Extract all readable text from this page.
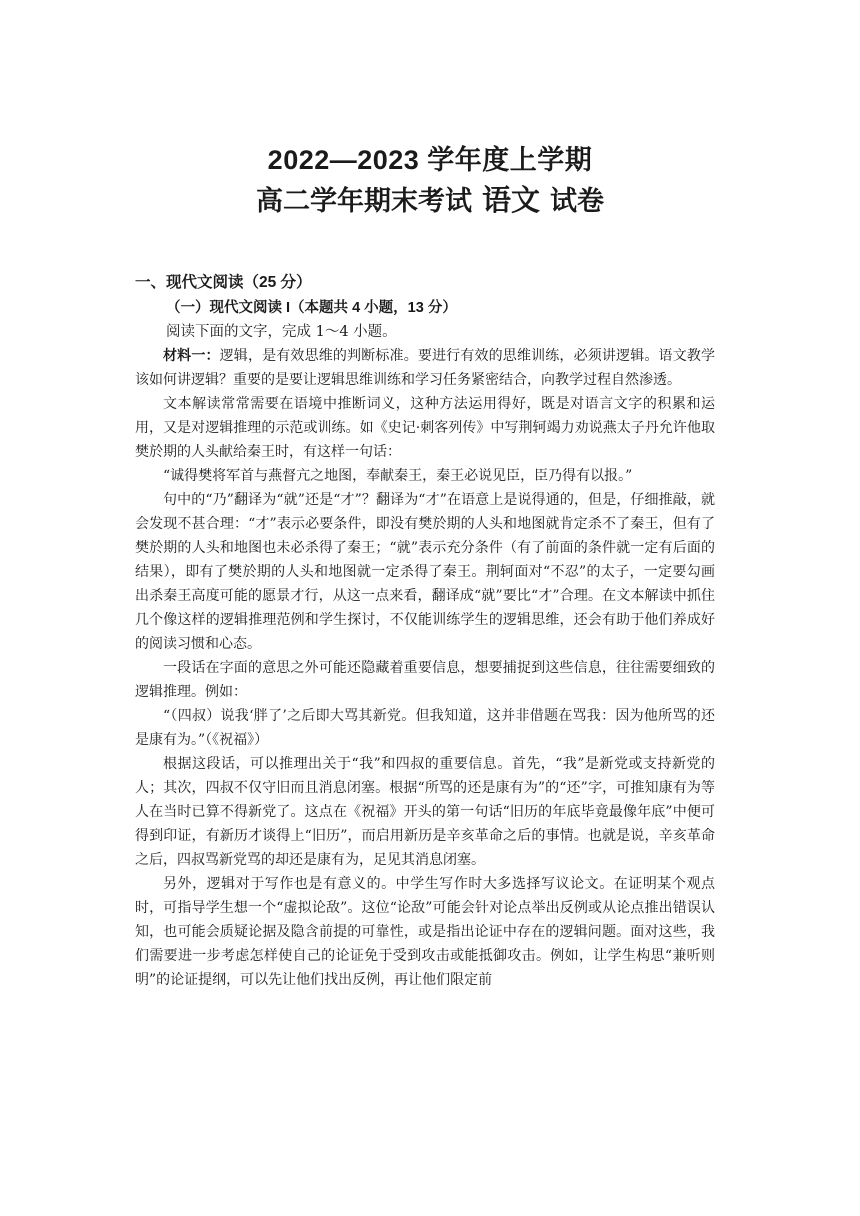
2022—2023 学年度上学期
高二学年期末考试 语文 试卷
一、现代文阅读（25 分）
（一）现代文阅读 I（本题共 4 小题，13 分）
阅读下面的文字，完成 1～4 小题。

材料一：逻辑，是有效思维的判断标准。要进行有效的思维训练，必须讲逻辑。语文教学该如何讲逻辑？重要的是要让逻辑思维训练和学习任务紧密结合，向教学过程自然渗透。

文本解读常常需要在语境中推断词义，这种方法运用得好，既是对语言文字的积累和运用，又是对逻辑推理的示范或训练。如《史记·刺客列传》中写荆轲竭力劝说燕太子丹允许他取樊於期的人头献给秦王时，有这样一句话：

“诚得樊将军首与燕督亢之地图，奉献秦王，秦王必说见臣，臣乃得有以报。”

句中的“乃”翻译为“就”还是“才”？翻译为“才”在语意上是说得通的，但是，仔细推敲，就会发现不甚合理：“才”表示必要条件，即没有樊於期的人头和地图就肯定杀不了秦王，但有了樊於期的人头和地图也未必杀得了秦王；“就”表示充分条件（有了前面的条件就一定有后面的结果），即有了樊於期的人头和地图就一定杀得了秦王。荆轲面对“不忍”的太子，一定要勾画出杀秦王高度可能的愿景才行，从这一点来看，翻译成“就”要比“才”合理。在文本解读中抓住几个像这样的逻辑推理范例和学生探讨，不仅能训练学生的逻辑思维，还会有助于他们养成好的阅读习惯和心态。

一段话在字面的意思之外可能还隐藏着重要信息，想要捕捉到这些信息，往往需要细致的逻辑推理。例如：

“（四叔）说我‘胖了’之后即大骂其新党。但我知道，这并非借题在骂我：因为他所骂的还是康有为。”（《祝福》）

根据这段话，可以推理出关于“我”和四叔的重要信息。首先，“我”是新党或支持新党的人；其次，四叔不仅守旧而且消息闭塞。根据“所骂的还是康有为”的“还”字，可推知康有为等人在当时已算不得新党了。这点在《祝福》开头的第一句话“旧历的年底毕竟最像年底”中便可得到印证，有新历才谈得上“旧历”，而启用新历是辛亥革命之后的事情。也就是说，辛亥革命之后，四叔骂新党骂的却还是康有为，足见其消息闭塞。

另外，逻辑对于写作也是有意义的。中学生写作时大多选择写议论文。在证明某个观点时，可指导学生想一个“虚拟论敌”。这位“论敌”可能会针对论点举出反例或从论点推出错误认知，也可能会质疑论据及隐含前提的可靠性，或是指出论证中存在的逻辑问题。面对这些，我们需要进一步考虑怎样使自己的论证免于受到攻击或能抵御攻击。例如，让学生构思“兼听则明”的论证提纲，可以先让他们找出反例，再让他们限定前
